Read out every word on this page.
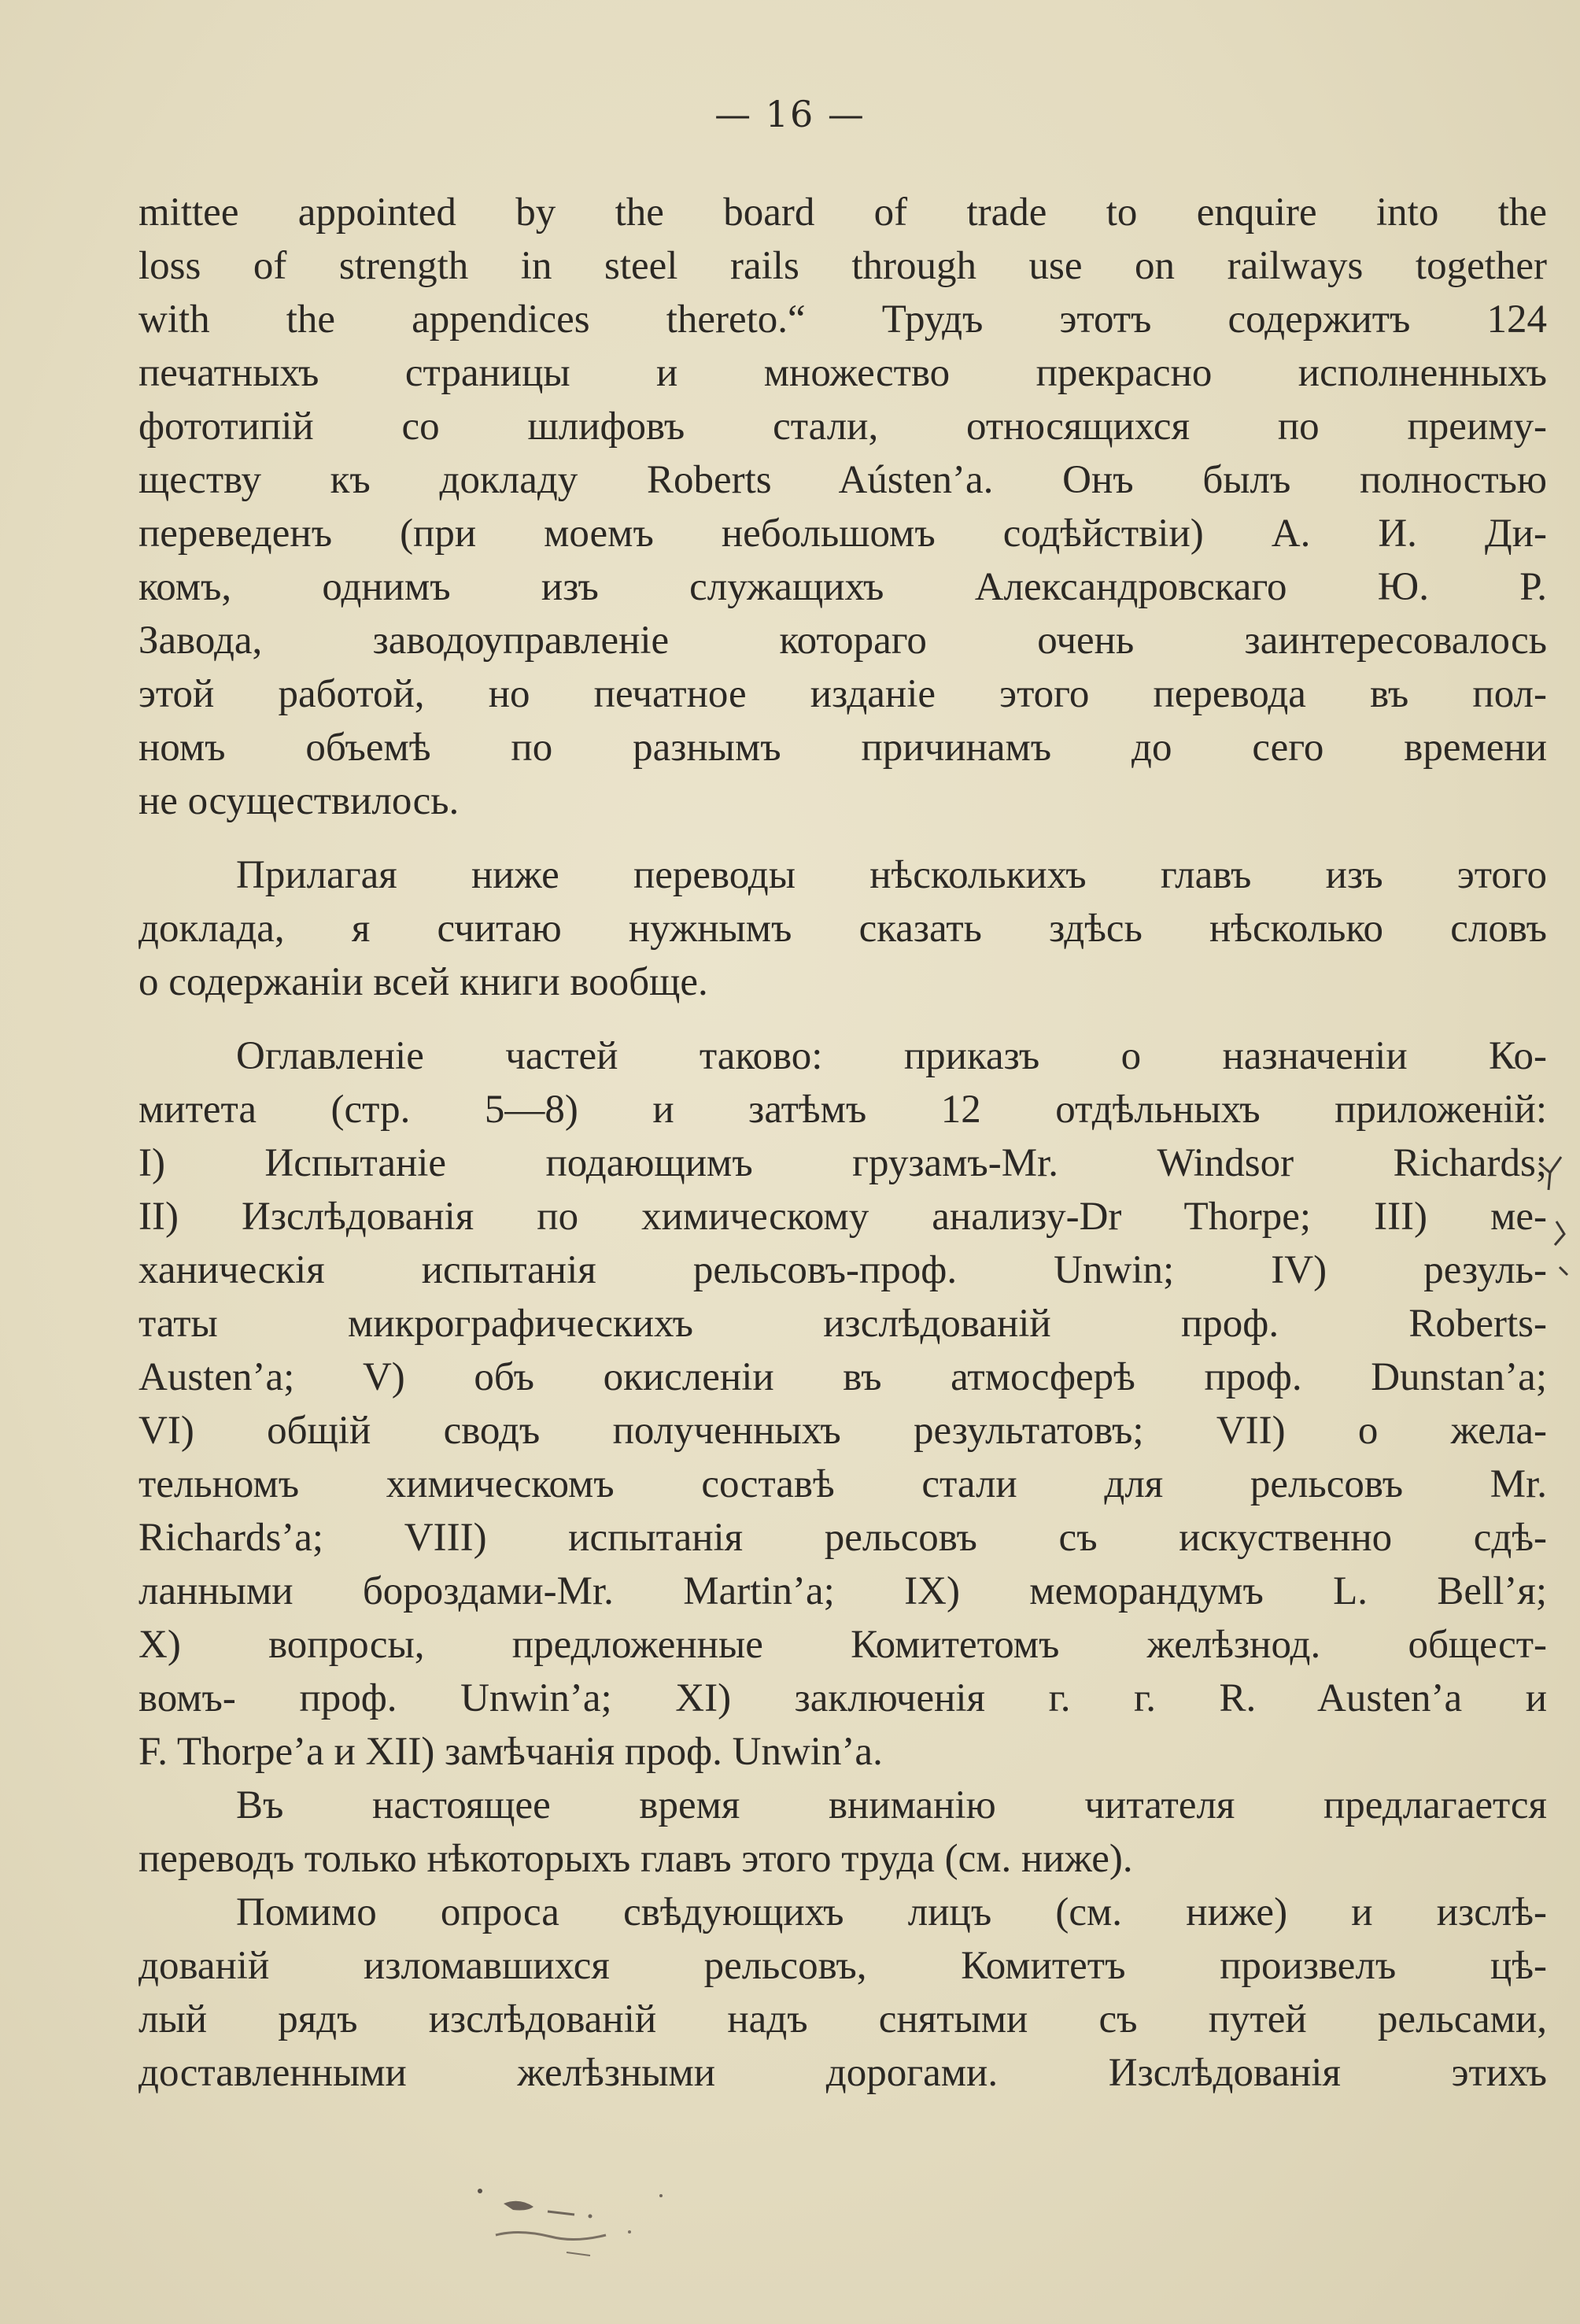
— 16 —
mittee appointed by the board of trade to enquire into the
loss of strength in steel rails through use on railways together
with the appendices thereto.“ Трудъ этотъ содержитъ 124
печатныхъ страницы и множество прекрасно исполненныхъ
фототипій со шлифовъ стали, относящихся по преиму-
ществу къ докладу Roberts Aústen’a. Онъ былъ полностью
переведенъ (при моемъ небольшомъ содѣйствіи) А. И. Ди-
комъ, однимъ изъ служащихъ Александровскаго Ю. Р.
Завода, заводоуправленіе котораго очень заинтересовалось
этой работой, но печатное изданіе этого перевода въ пол-
номъ объемѣ по разнымъ причинамъ до сего времени
не осуществилось.
Прилагая ниже переводы нѣсколькихъ главъ изъ этого
доклада, я считаю нужнымъ сказать здѣсь нѣсколько словъ
о содержаніи всей книги вообще.
Оглавленіе частей таково: приказъ о назначеніи Ко-
митета (стр. 5—8) и затѣмъ 12 отдѣльныхъ приложеній:
I) Испытаніе подающимъ грузамъ-Mr. Windsor Richards;
II) Изслѣдованія по химическому анализу-Dr Thorpe; III) ме-
ханическія испытанія рельсовъ-проф. Unwin; IV) резуль-
таты микрографическихъ изслѣдованій проф. Roberts-
Austen’a; V) объ окисленіи въ атмосферѣ проф. Dunstan’a;
VI) общій сводъ полученныхъ результатовъ; VII) о жела-
тельномъ химическомъ составѣ стали для рельсовъ Mr.
Richards’a; VIII) испытанія рельсовъ съ искуственно сдѣ-
ланными бороздами-Mr. Martin’a; IX) меморандумъ L. Bell’я;
X) вопросы, предложенные Комитетомъ желѣзнод. общест-
вомъ- проф. Unwin’a; XI) заключенія г. г. R. Austen’a и
F. Thorpe’a и XII) замѣчанія проф. Unwin’a.
Въ настоящее время вниманію читателя предлагается
переводъ только нѣкоторыхъ главъ этого труда (см. ниже).
Помимо опроса свѣдующихъ лицъ (см. ниже) и изслѣ-
дованій изломавшихся рельсовъ, Комитетъ произвелъ цѣ-
лый рядъ изслѣдованій надъ снятыми съ путей рельсами,
доставленными желѣзными дорогами. Изслѣдованія этихъ
